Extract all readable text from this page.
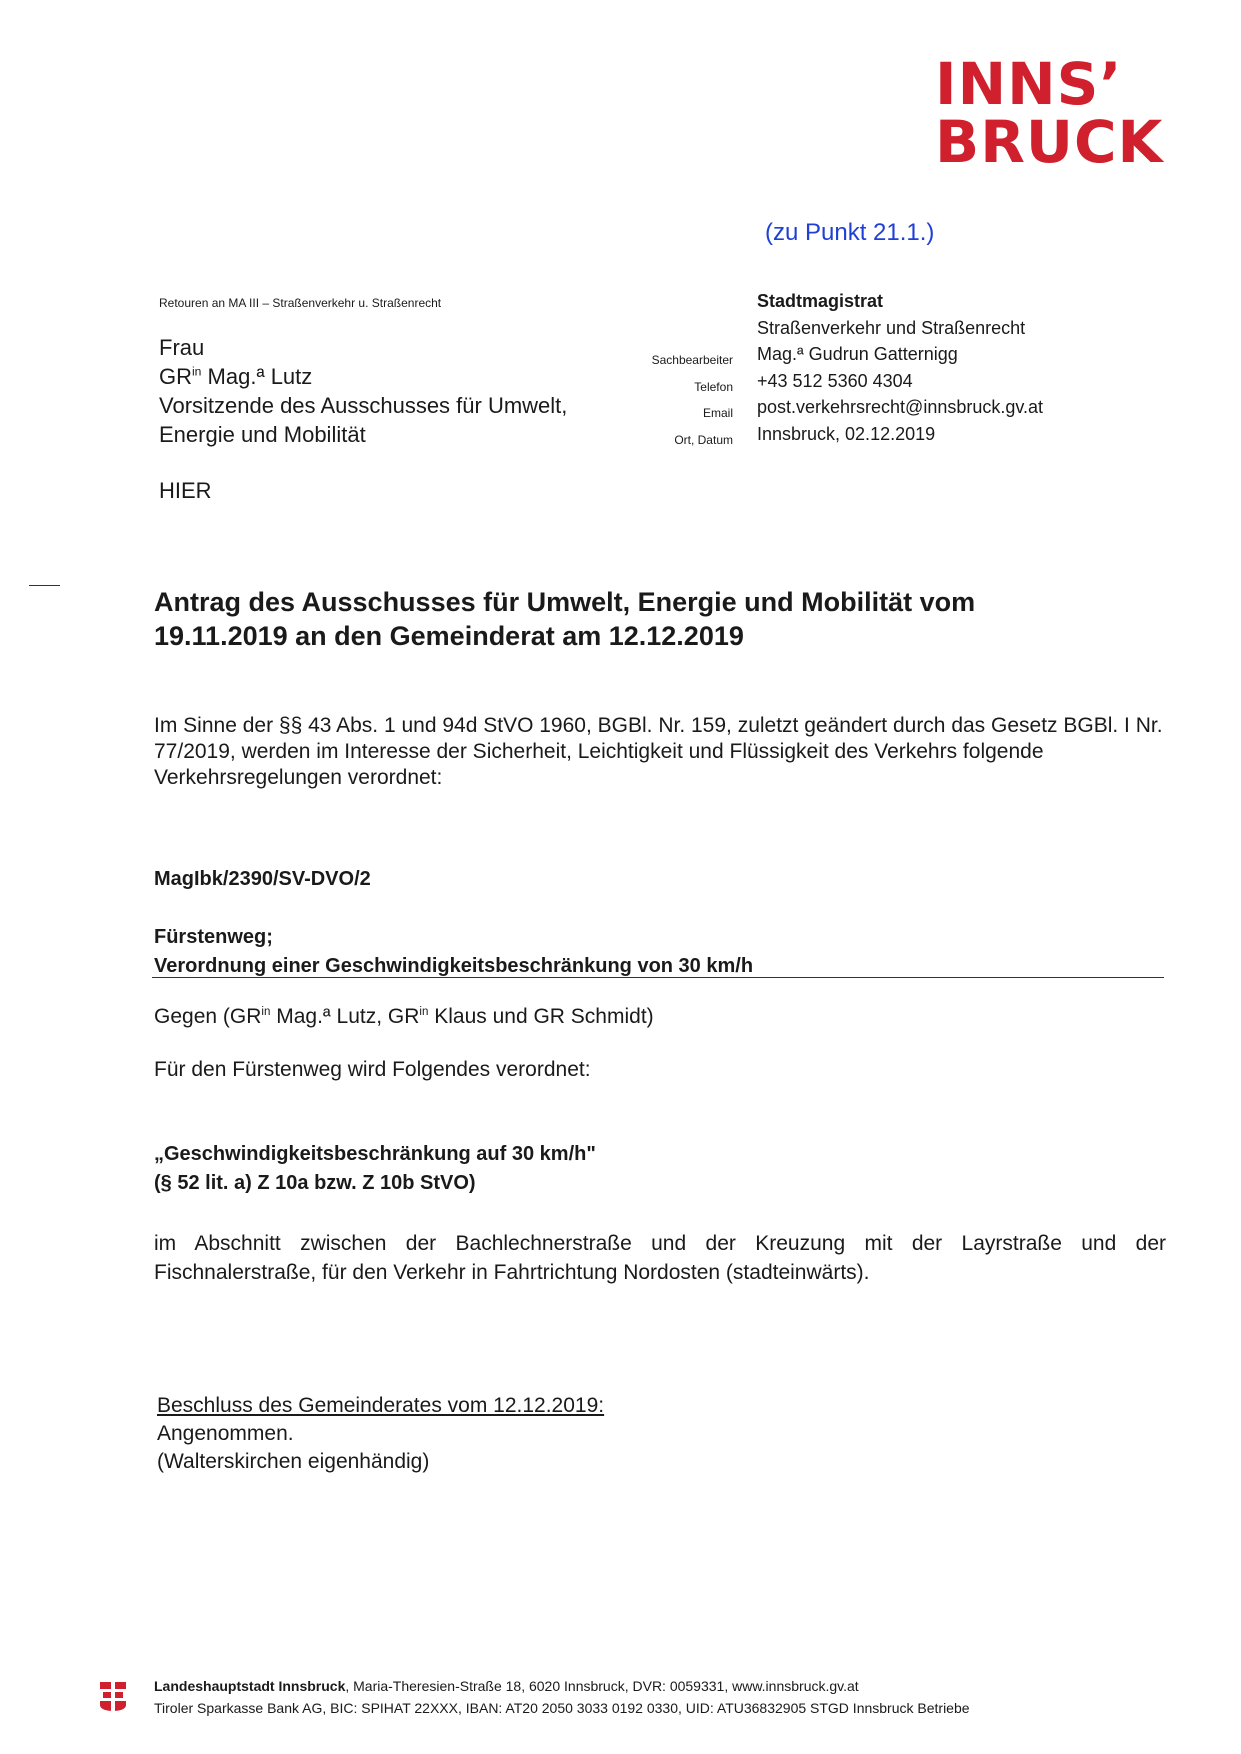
INNS’
BRUCK
(zu Punkt 21.1.)
Retouren an MA III – Straßenverkehr u. Straßenrecht
Frau
$GR^{in}$ Mag.ª Lutz
Vorsitzende des Ausschusses für Umwelt,
Energie und Mobilität
HIER
Sachbearbeiter
Telefon
Email
Ort, Datum
Stadtmagistrat
Straßenverkehr und Straßenrecht
Mag.ª Gudrun Gatternigg
+43 512 5360 4304
post.verkehrsrecht@innsbruck.gv.at
Innsbruck, 02.12.2019
Antrag des Ausschusses für Umwelt, Energie und Mobilität vom 19.11.2019 an den Gemeinderat am 12.12.2019
Im Sinne der §§ 43 Abs. 1 und 94d StVO 1960, BGBl. Nr. 159, zuletzt geändert durch das Gesetz BGBl. I Nr. 77/2019, werden im Interesse der Sicherheit, Leichtigkeit und Flüssigkeit des Verkehrs folgende Verkehrsregelungen verordnet:
MagIbk/2390/SV-DVO/2
Fürstenweg;
Verordnung einer Geschwindigkeitsbeschränkung von 30 km/h
Gegen ($GR^{in}$ Mag.ª Lutz, $GR^{in}$ Klaus und GR Schmidt)
Für den Fürstenweg wird Folgendes verordnet:
„Geschwindigkeitsbeschränkung auf 30 km/h"
(§ 52 lit. a) Z 10a bzw. Z 10b StVO)
im Abschnitt zwischen der Bachlechnerstraße und der Kreuzung mit der Layrstraße und der Fischnalerstraße, für den Verkehr in Fahrtrichtung Nordosten (stadteinwärts).
Beschluss des Gemeinderates vom 12.12.2019:
Angenommen.
(Walterskirchen eigenhändig)
Landeshauptstadt Innsbruck, Maria-Theresien-Straße 18, 6020 Innsbruck, DVR: 0059331, www.innsbruck.gv.at
Tiroler Sparkasse Bank AG, BIC: SPIHAT 22XXX, IBAN: AT20 2050 3033 0192 0330, UID: ATU36832905 STGD Innsbruck Betriebe
